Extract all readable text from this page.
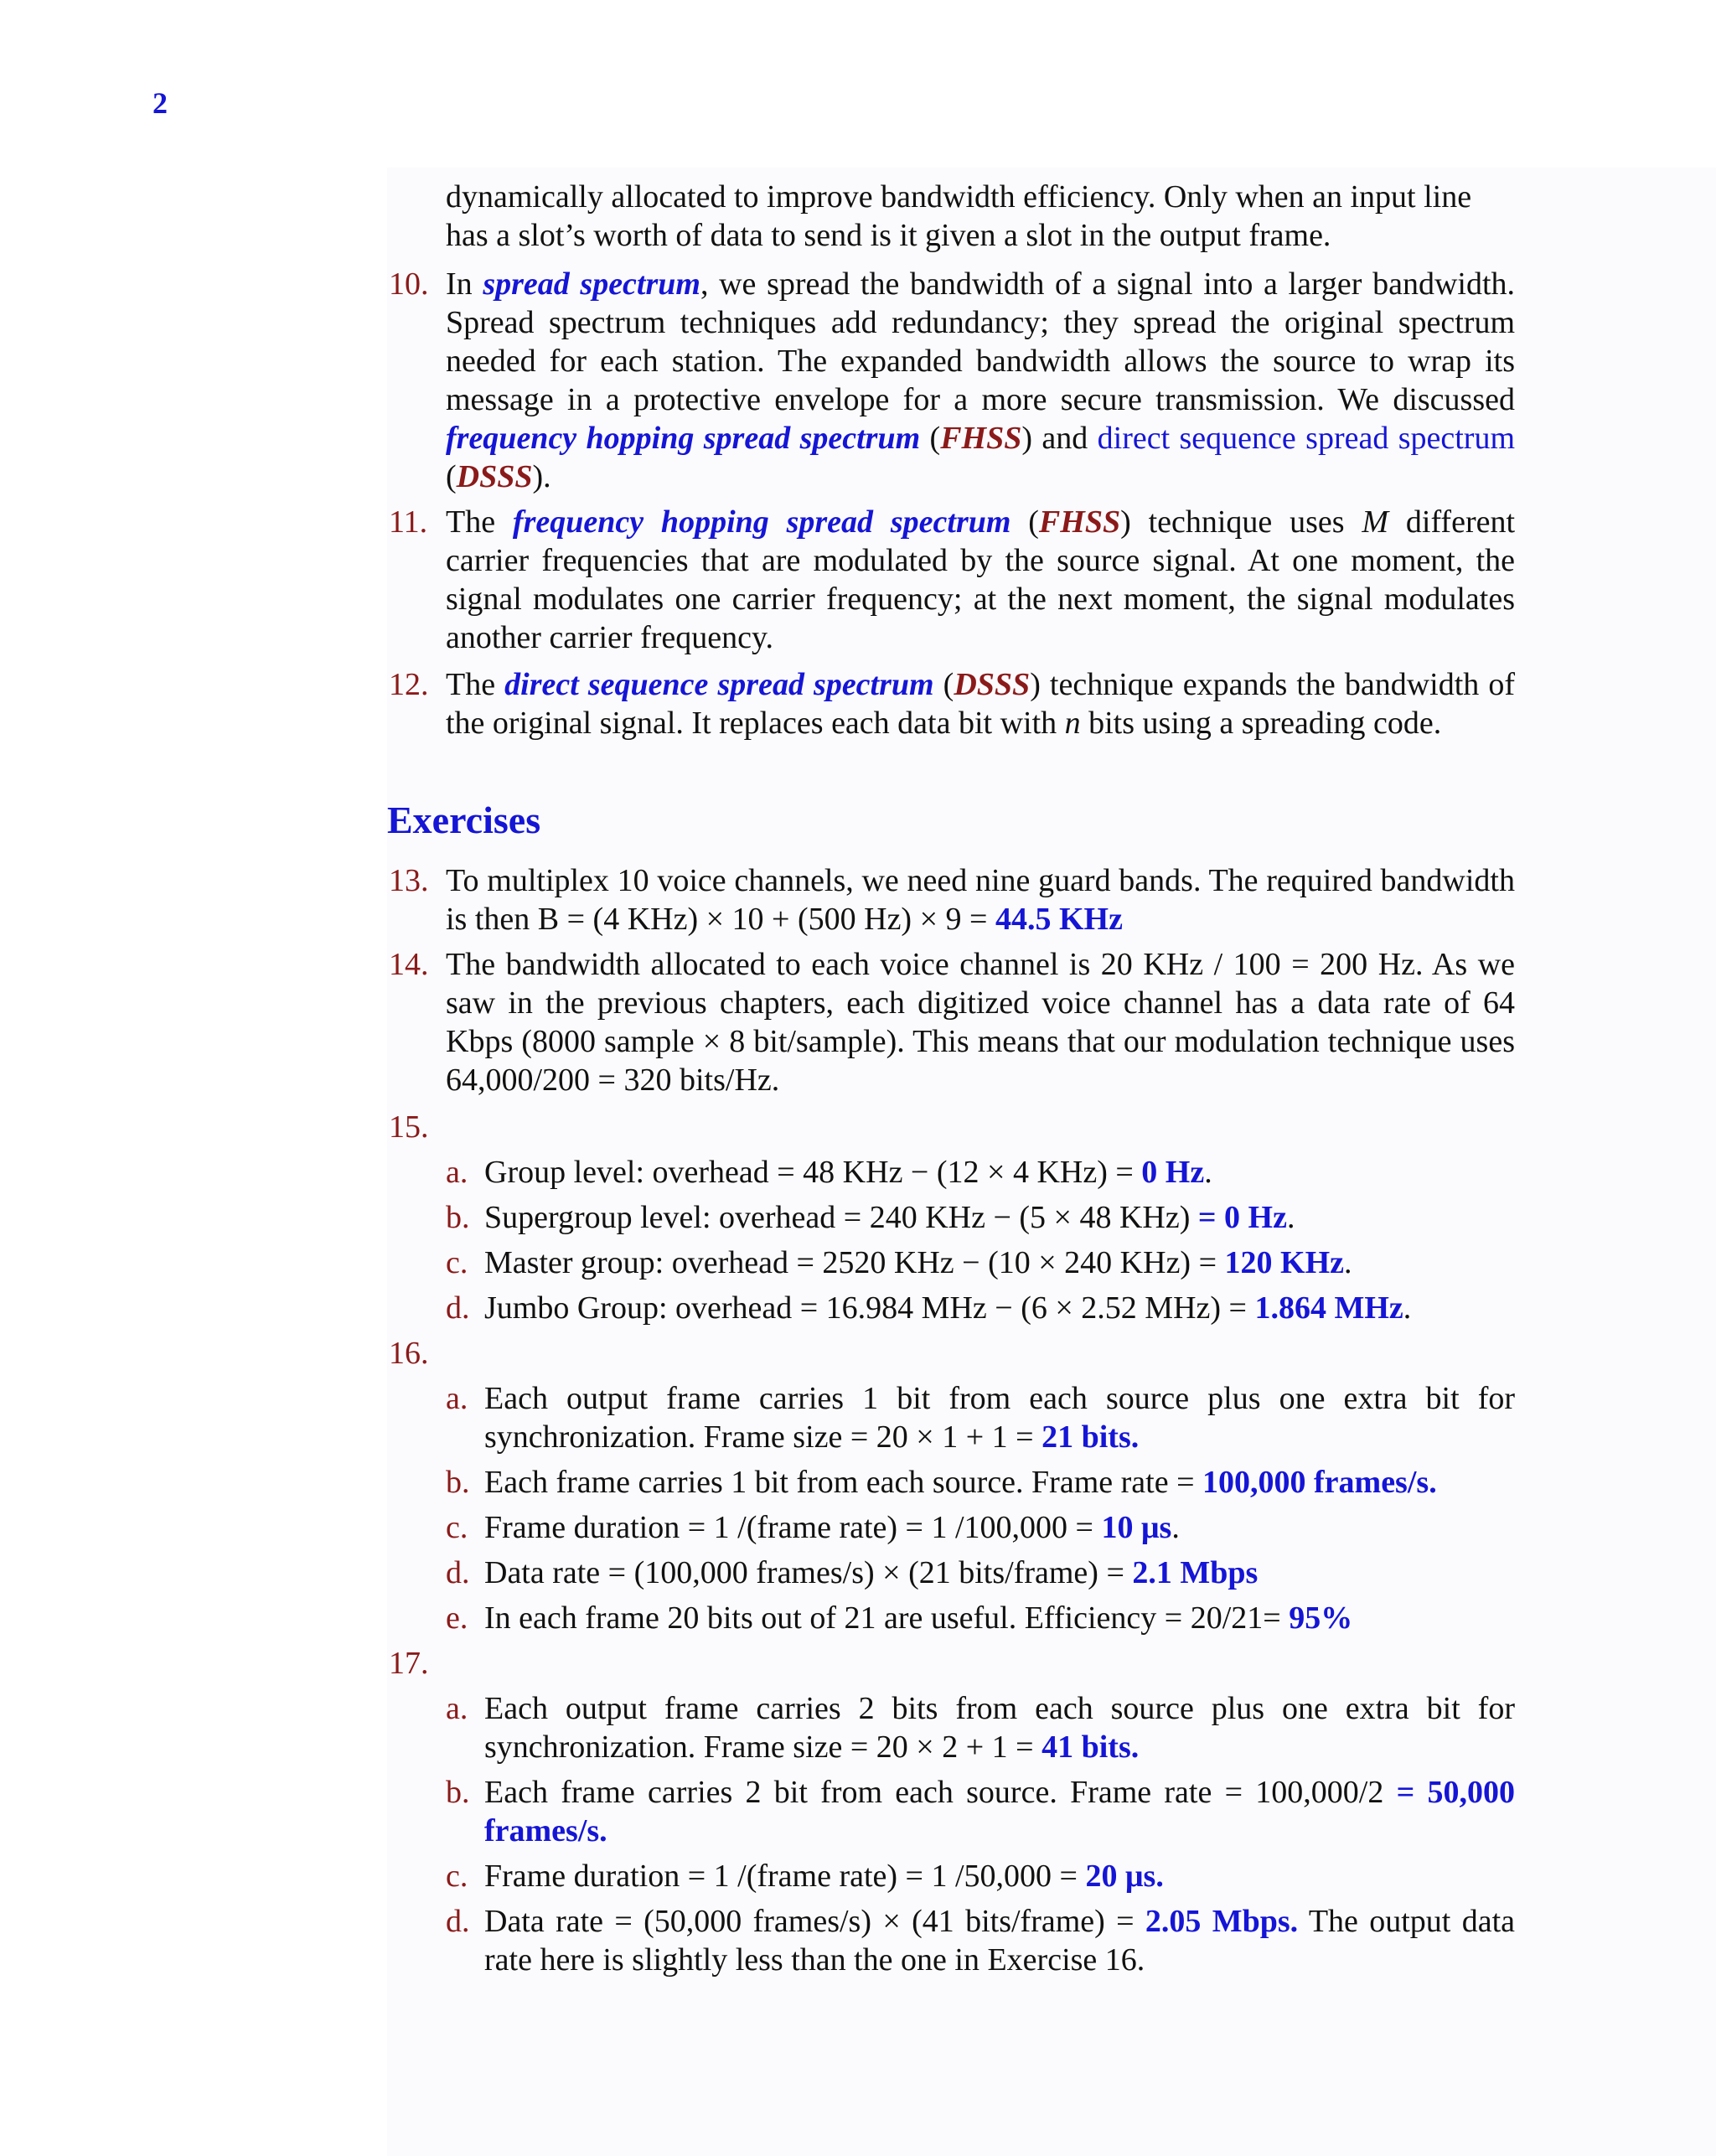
2
dynamically allocated to improve bandwidth efficiency. Only when an input line
has a slot’s worth of data to send is it given a slot in the output frame.
10. In spread spectrum, we spread the bandwidth of a signal into a larger bandwidth. Spread spectrum techniques add redundancy; they spread the original spectrum needed for each station. The expanded bandwidth allows the source to wrap its message in a protective envelope for a more secure transmission. We discussed frequency hopping spread spectrum (FHSS) and direct sequence spread spectrum (DSSS).
11. The frequency hopping spread spectrum (FHSS) technique uses M different carrier frequencies that are modulated by the source signal. At one moment, the signal modulates one carrier frequency; at the next moment, the signal modulates another carrier frequency.
12. The direct sequence spread spectrum (DSSS) technique expands the bandwidth of the original signal. It replaces each data bit with n bits using a spreading code.
Exercises
13. To multiplex 10 voice channels, we need nine guard bands. The required bandwidth is then B = (4 KHz) × 10 + (500 Hz) × 9 = 44.5 KHz
14. The bandwidth allocated to each voice channel is 20 KHz / 100 = 200 Hz. As we saw in the previous chapters, each digitized voice channel has a data rate of 64 Kbps (8000 sample × 8 bit/sample). This means that our modulation technique uses 64,000/200 = 320 bits/Hz.
15.
a. Group level: overhead = 48 KHz − (12 × 4 KHz) = 0 Hz.
b. Supergroup level: overhead = 240 KHz − (5 × 48 KHz) = 0 Hz.
c. Master group: overhead = 2520 KHz − (10 × 240 KHz) = 120 KHz.
d. Jumbo Group: overhead = 16.984 MHz − (6 × 2.52 MHz) = 1.864 MHz.
16.
a. Each output frame carries 1 bit from each source plus one extra bit for synchronization. Frame size = 20 × 1 + 1 = 21 bits.
b. Each frame carries 1 bit from each source. Frame rate = 100,000 frames/s.
c. Frame duration = 1 /(frame rate) = 1 /100,000 = 10 μs.
d. Data rate = (100,000 frames/s) × (21 bits/frame) = 2.1 Mbps
e. In each frame 20 bits out of 21 are useful. Efficiency = 20/21= 95%
17.
a. Each output frame carries 2 bits from each source plus one extra bit for synchronization. Frame size = 20 × 2 + 1 = 41 bits.
b. Each frame carries 2 bit from each source. Frame rate = 100,000/2 = 50,000 frames/s.
c. Frame duration = 1 /(frame rate) = 1 /50,000 = 20 μs.
d. Data rate = (50,000 frames/s) × (41 bits/frame) = 2.05 Mbps. The output data rate here is slightly less than the one in Exercise 16.
